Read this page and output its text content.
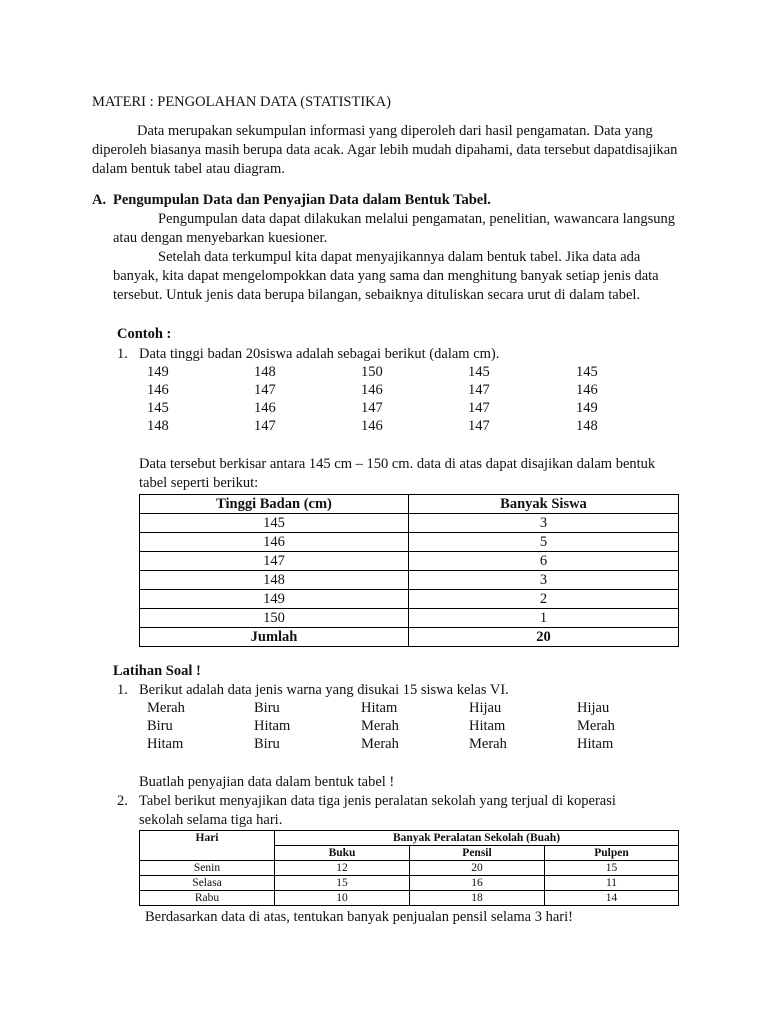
MATERI : PENGOLAHAN DATA (STATISTIKA)
Data merupakan sekumpulan informasi yang diperoleh dari hasil pengamatan. Data yang diperoleh biasanya masih berupa data acak. Agar lebih mudah dipahami, data tersebut dapatdisajikan dalam bentuk tabel atau diagram.
A. Pengumpulan Data dan Penyajian Data dalam Bentuk Tabel.
Pengumpulan data dapat dilakukan melalui pengamatan, penelitian, wawancara langsung atau dengan menyebarkan kuesioner.
Setelah data terkumpul kita dapat menyajikannya dalam bentuk tabel. Jika data ada banyak, kita dapat mengelompokkan data yang sama dan menghitung banyak setiap jenis data tersebut. Untuk jenis data berupa bilangan, sebaiknya dituliskan secara urut di dalam tabel.
Contoh :
1. Data tinggi badan 20siswa adalah sebagai berikut (dalam cm).
149	148	150	145	145
146	147	146	147	146
145	146	147	147	149
148	147	146	147	148
Data tersebut berkisar antara 145 cm – 150 cm. data di atas dapat disajikan dalam bentuk tabel seperti berikut:
Tinggi Badan (cm)	Banyak Siswa
145	3
146	5
147	6
148	3
149	2
150	1
Jumlah	20
Latihan Soal !
1. Berikut adalah data jenis warna yang disukai 15 siswa kelas VI.
Merah	Biru	Hitam	Hijau	Hijau
Biru	Hitam	Merah	Hitam	Merah
Hitam	Biru	Merah	Merah	Hitam
Buatlah penyajian data dalam bentuk tabel !
2. Tabel berikut menyajikan data tiga jenis peralatan sekolah yang terjual di koperasi sekolah selama tiga hari.
Hari	Banyak Peralatan Sekolah (Buah)		
	Buku	Pensil	Pulpen
Senin	12	20	15
Selasa	15	16	11
Rabu	10	18	14
Berdasarkan data di atas, tentukan banyak penjualan pensil selama 3 hari!
